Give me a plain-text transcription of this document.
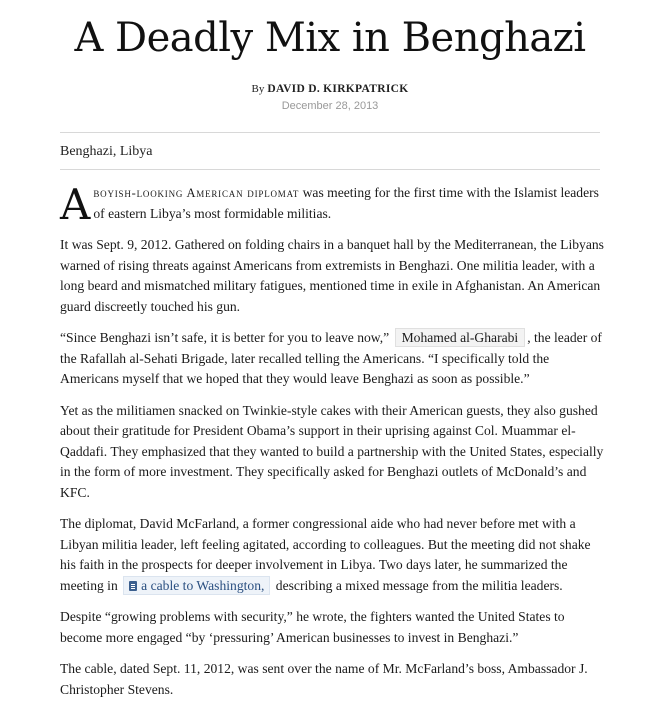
A Deadly Mix in Benghazi
By DAVID D. KIRKPATRICK
December 28, 2013
Benghazi, Libya

Aboyish-looking American diplomat was meeting for the first time with the Islamist leaders of eastern Libya’s most formidable militias.

It was Sept. 9, 2012. Gathered on folding chairs in a banquet hall by the Mediterranean, the Libyans warned of rising threats against Americans from extremists in Benghazi. One militia leader, with a long beard and mismatched military fatigues, mentioned time in exile in Afghanistan. An American guard discreetly touched his gun.

“Since Benghazi isn’t safe, it is better for you to leave now,” Mohamed al-Gharabi , the leader of the Rafallah al-Sehati Brigade, later recalled telling the Americans. “I specifically told the Americans myself that we hoped that they would leave Benghazi as soon as possible.”

Yet as the militiamen snacked on Twinkie-style cakes with their American guests, they also gushed about their gratitude for President Obama’s support in their uprising against Col. Muammar el-Qaddafi. They emphasized that they wanted to build a partnership with the United States, especially in the form of more investment. They specifically asked for Benghazi outlets of McDonald’s and KFC.

The diplomat, David McFarland, a former congressional aide who had never before met with a Libyan militia leader, left feeling agitated, according to colleagues. But the meeting did not shake his faith in the prospects for deeper involvement in Libya. Two days later, he summarized the meeting in a cable to Washington, describing a mixed message from the militia leaders.

Despite “growing problems with security,” he wrote, the fighters wanted the United States to become more engaged “by ‘pressuring’ American businesses to invest in Benghazi.”

The cable, dated Sept. 11, 2012, was sent over the name of Mr. McFarland’s boss, Ambassador J. Christopher Stevens.
